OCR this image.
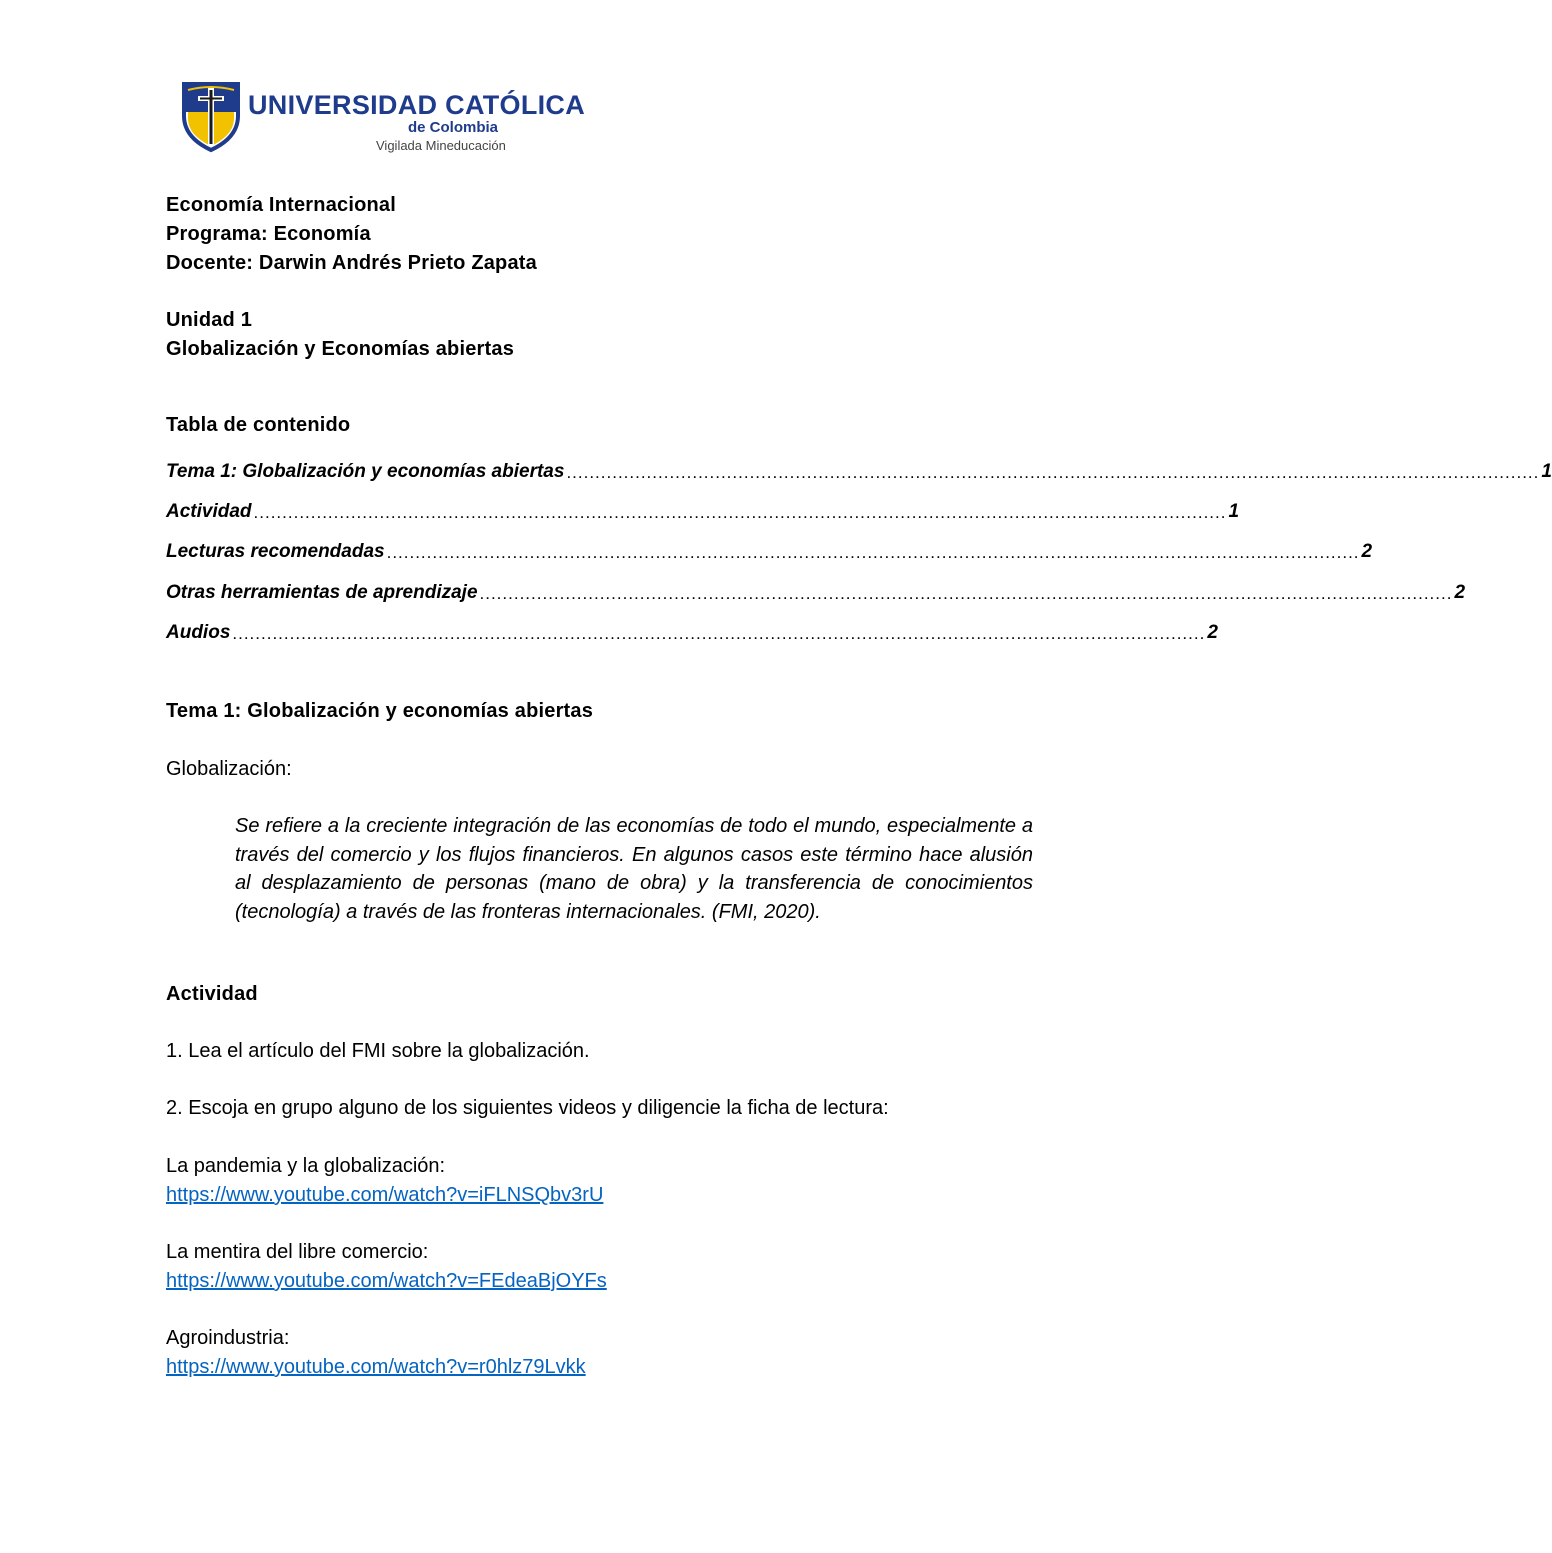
UNIVERSIDAD CATÓLICA
de Colombia
Vigilada Mineducación
Economía Internacional
Programa: Economía
Docente: Darwin Andrés Prieto Zapata
Unidad 1
Globalización y Economías abiertas
Tabla de contenido
Tema 1: Globalización y economías abiertas .......................................................................................................................................................................... 1
Actividad .......................................................................................................................................................................... 1
Lecturas recomendadas .......................................................................................................................................................................... 2
Otras herramientas de aprendizaje .......................................................................................................................................................................... 2
Audios .......................................................................................................................................................................... 2
Tema 1: Globalización y economías abiertas
Globalización:
Se refiere a la creciente integración de las economías de todo el mundo, especialmente a través del comercio y los flujos financieros. En algunos casos este término hace alusión al desplazamiento de personas (mano de obra) y la transferencia de conocimientos (tecnología) a través de las fronteras internacionales. (FMI, 2020).
Actividad
1. Lea el artículo del FMI sobre la globalización.
2. Escoja en grupo alguno de los siguientes videos y diligencie la ficha de lectura:
La pandemia y la globalización:
https://www.youtube.com/watch?v=iFLNSQbv3rU
La mentira del libre comercio:
https://www.youtube.com/watch?v=FEdeaBjOYFs
Agroindustria:
https://www.youtube.com/watch?v=r0hlz79Lvkk
